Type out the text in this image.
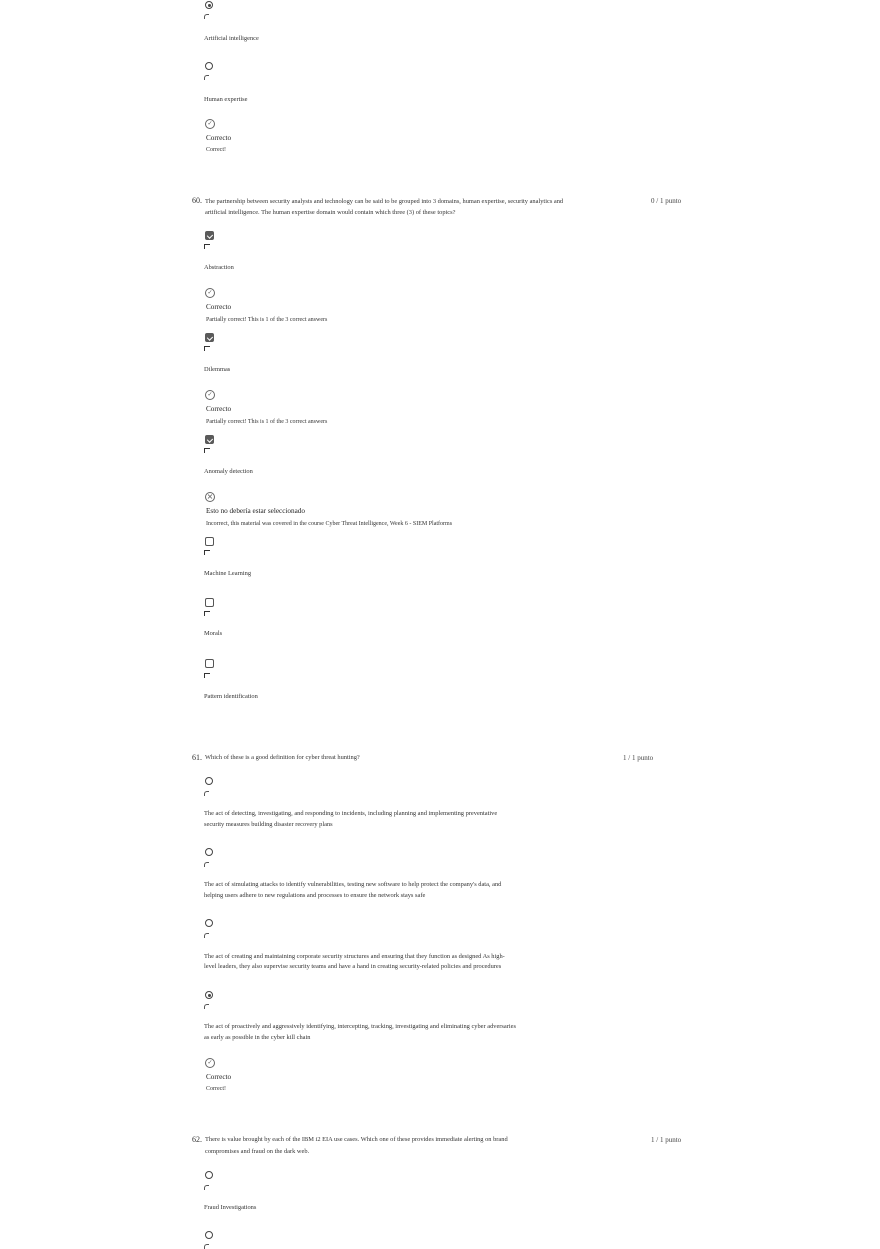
Artificial intelligence
Human expertise
✓
Correcto
Correct!
60. The partnership between security analysts and technology can be said to be grouped into 3 domains, human expertise, security analytics and artificial intelligence. The human expertise domain would contain which three (3) of these topics?
0 / 1 punto
Abstraction
✓
Correcto
Partially correct! This is 1 of the 3 correct answers
Dilemmas
✓
Correcto
Partially correct! This is 1 of the 3 correct answers
Anomaly detection
×
Esto no debería estar seleccionado
Incorrect, this material was covered in the course Cyber Threat Intelligence, Week 6 - SIEM Platforms
Machine Learning
Morals
Pattern identification
61. Which of these is a good definition for cyber threat hunting?	1 / 1 punto
The act of detecting, investigating, and responding to incidents, including planning and implementing preventative
security measures building disaster recovery plans
The act of simulating attacks to identify vulnerabilities, testing new software to help protect the company's data, and
helping users adhere to new regulations and processes to ensure the network stays safe
The act of creating and maintaining corporate security structures and ensuring that they function as designed As high-
level leaders, they also supervise security teams and have a hand in creating security-related policies and procedures
The act of proactively and aggressively identifying, intercepting, tracking, investigating and eliminating cyber adversaries
as early as possible in the cyber kill chain
✓
Correcto
Correct!
62. There is value brought by each of the IBM i2 EIA use cases. Which one of these provides immediate alerting on brand
compromises and fraud on the dark web.
1 / 1 punto
Fraud Investigations
